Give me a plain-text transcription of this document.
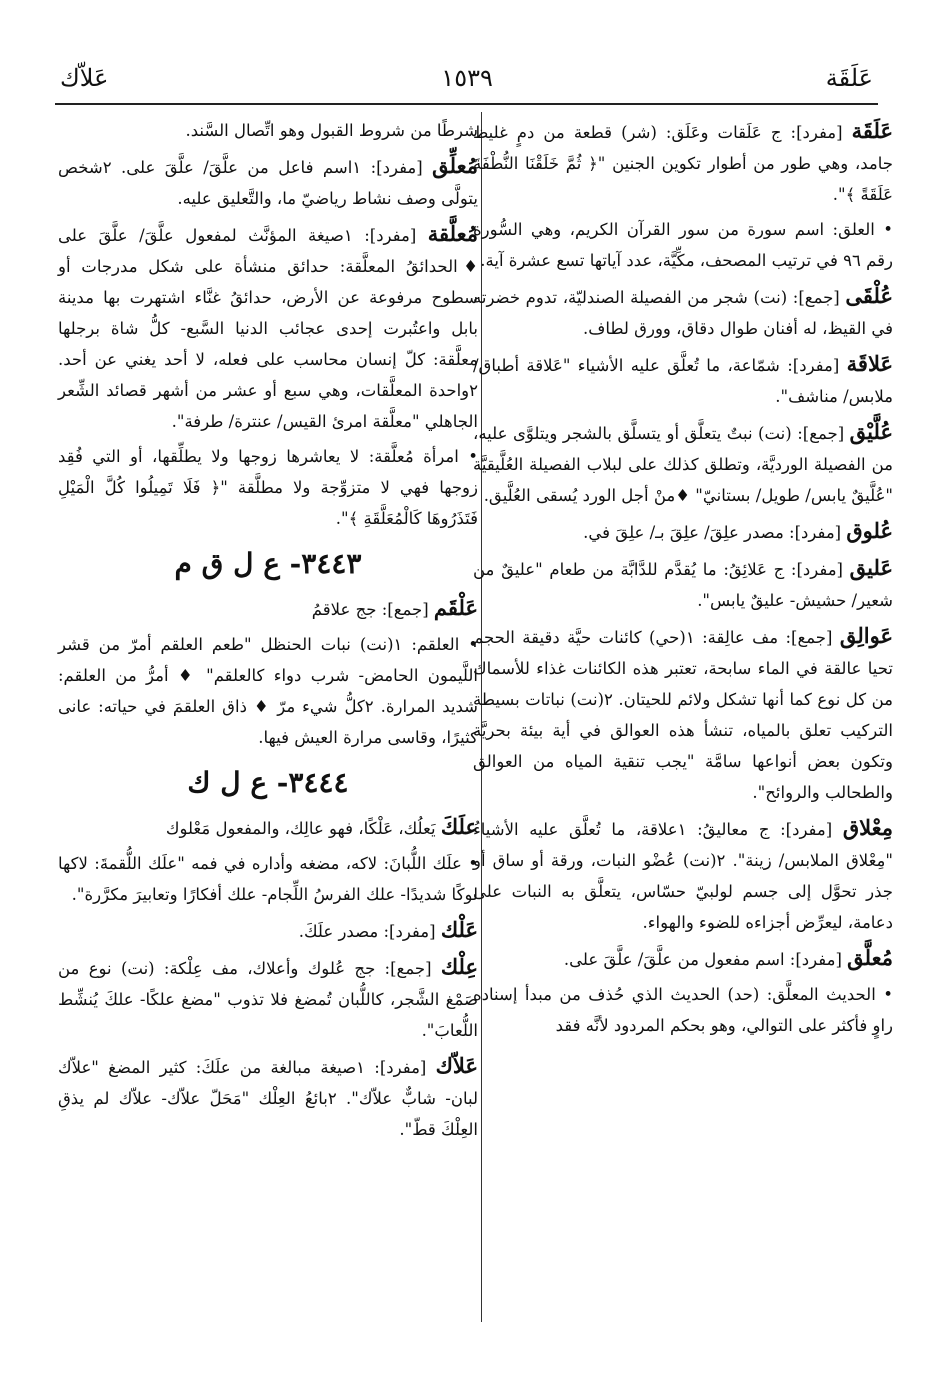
عَلَقَة
١٥٣٩
عَلاّك

عَلَقَة [مفرد]: ج عَلَقات وعَلَق: (شر) قطعة من دمٍ غليظ جامد، وهي طور من أطوار تكوين الجنين "﴿ ثُمَّ خَلَقْنَا النُّطْفَةَ عَلَقَةً ﴾".

• العلق: اسم سورة من سور القرآن الكريم، وهي السُّورة رقم ٩٦ في ترتيب المصحف، مكِّيَّة، عدد آياتها تسع عشرة آية.

عُلْقَى [جمع]: (نت) شجر من الفصيلة الصندليّة، تدوم خضرته في القيظ، له أفنان طوال دقاق، وورق لطاف.

عَلاقَة [مفرد]: شمّاعة، ما تُعلَّق عليه الأشياء "عَلاقة أطباق/ ملابس/ مناشف".

عُلَّيْق [جمع]: (نت) نبتٌ يتعلَّق أو يتسلَّق بالشجر ويتلوَّى عليه، من الفصيلة الورديَّة، وتطلق كذلك على لبلاب الفصيلة العُلَّيقيَّة "عُلَّيقٌ يابس/ طويل/ بستانيّ" ♦منْ أجل الورد يُسقى العُلَّيق.

عُلوق [مفرد]: مصدر علِقَ/ علِقَ بـ/ علِقَ في.

عَليق [مفرد]: ج عَلائِقُ: ما يُقدَّم للدَّابَّة من طعام "عليقٌ من شعير/ حشيش- عليقٌ يابس".

عَوالِق [جمع]: مف عالِقة: ١(حي) كائنات حيَّة دقيقة الحجم تحيا عالقة في الماء سابحة، تعتبر هذه الكائنات غذاء للأسماك من كل نوع كما أنها تشكل ولائم للحيتان. ٢(نت) نباتات بسيطة التركيب تعلق بالمياه، تنشأ هذه العوالق في أية بيئة بحريَّة وتكون بعض أنواعها سامَّة "يجب تنقية المياه من العوالق والطحالب والروائح".

مِعْلاق [مفرد]: ج معاليقُ: ١علاقة، ما تُعلَّق عليه الأشياءُ "مِعْلاق الملابس/ زينة". ٢(نت) عُضْو النبات، ورقة أو ساق أو جذر تحوَّل إلى جسم لولبيّ حسّاس، يتعلَّق به النبات على دعامة، ليعرِّض أجزاءه للضوء والهواء.

مُعلَّق [مفرد]: اسم مفعول من علَّقَ/ علَّقَ على.

• الحديث المعلَّق: (حد) الحديث الذي حُذف من مبدأ إسناده راوٍ فأكثر على التوالي، وهو بحكم المردود لأنَّه فقد

شرطًا من شروط القبول وهو اتِّصال السَّند.

مُعلِّق [مفرد]: ١اسم فاعل من علَّقَ/ علَّقَ على. ٢شخص يتولَّى وصف نشاط رياضيّ ما، والتَّعليق عليه.

مُعلَّقة [مفرد]: ١صيغة المؤنَّث لمفعول علَّقَ/ علَّقَ على ♦الحدائقُ المعلَّقة: حدائق منشأة على شكل مدرجات أو سطوح مرفوعة عن الأرض، حدائقُ غنَّاء اشتهرت بها مدينة بابل واعتُبرت إحدى عجائب الدنيا السَّبع- كلُّ شاة برجلها معلَّقة: كلّ إنسان محاسب على فعله، لا أحد يغني عن أحد. ٢واحدة المعلَّقات، وهي سبع أو عشر من أشهر قصائد الشِّعر الجاهلي "معلَّقة امرئ القيس/ عنترة/ طرفة".

• امرأة مُعلَّقة: لا يعاشرها زوجها ولا يطلِّقها، أو التي فُقِد زوجها فهي لا متزوِّجة ولا مطلَّقة "﴿ فَلَا تَمِيلُوا كُلَّ الْمَيْلِ فَتَذَرُوهَا كَالْمُعَلَّقَةِ ﴾".

٣٤٤٣- ع ل ق م

عَلْقَم [جمع]: جج علاقمُ

• العلقم: ١(نت) نبات الحنظل "طعم العلقم أمرّ من قشر اللَّيمون الحامض- شرب دواء كالعلقم" ♦ أمرُّ من العلقم: شديد المرارة. ٢كلُّ شيء مرّ ♦ ذاق العلقمَ في حياته: عانى كثيرًا، وقاسى مرارة العيش فيها.

٣٤٤٤- ع ل ك

علَكَ يَعلُك، عَلْكًا، فهو عالِك، والمفعول مَعْلوك

• علَك اللُّبانَ: لاكه، مضغه وأداره في فمه "علَك اللُّقمةَ: لاكها لوكًا شديدًا- علك الفرسُ اللِّجام- علك أفكارًا وتعابيرَ مكرَّرة".

عَلْك [مفرد]: مصدر علَكَ.

عِلْك [جمع]: جج عُلوك وأعلاك، مف عِلْكة: (نت) نوع من صَمْغ الشَّجر، كاللُّبان تُمضغ فلا تذوب "مضغ علكًا- علكَ يُنشِّط اللُّعابَ".

عَلاّك [مفرد]: ١صيغة مبالغة من علَكَ: كثير المضغ "علاّك لبان- شابٌّ علاّك". ٢بائعُ العِلْك "مَحَلّ علاّك- علاّك لم يذقِ العِلْكَ قطّ".
